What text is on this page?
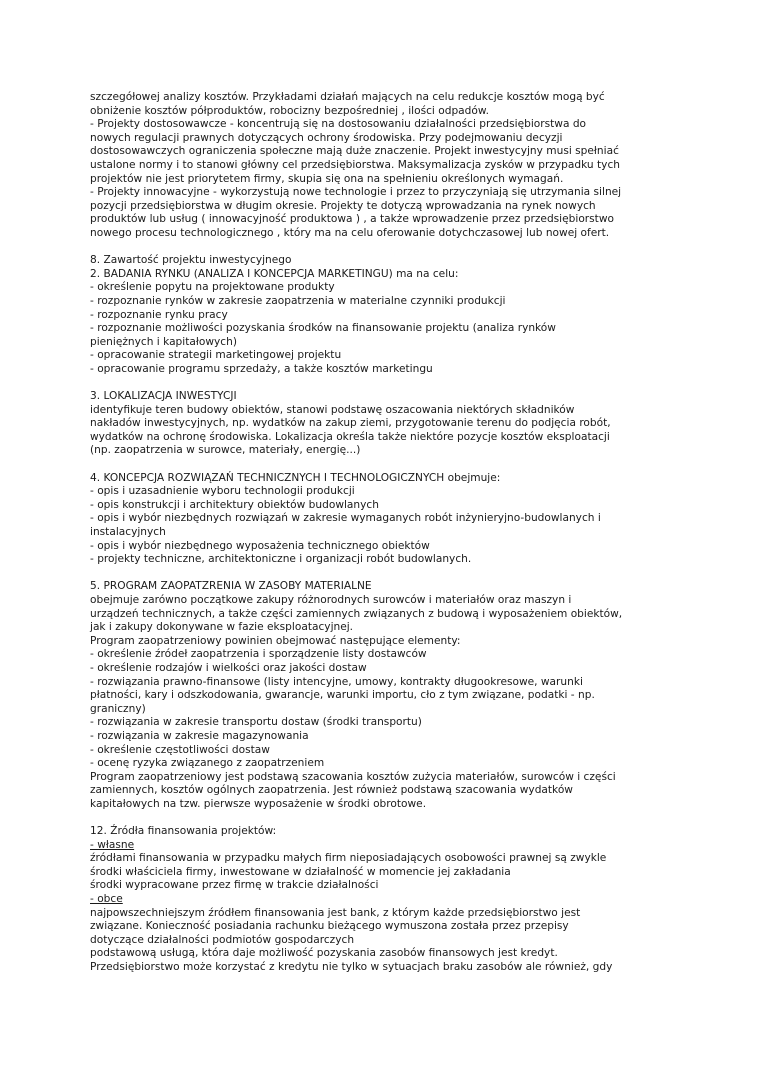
szczegółowej analizy kosztów. Przykładami działań mających na celu redukcje kosztów mogą być
obniżenie kosztów półproduktów, robocizny bezpośredniej , ilości odpadów.
- Projekty dostosowawcze - koncentrują się na dostosowaniu działalności przedsiębiorstwa do
nowych regulacji prawnych dotyczących ochrony środowiska. Przy podejmowaniu decyzji
dostosowawczych ograniczenia społeczne mają duże znaczenie. Projekt inwestycyjny musi spełniać
ustalone normy i to stanowi główny cel przedsiębiorstwa. Maksymalizacja zysków w przypadku tych
projektów nie jest priorytetem firmy, skupia się ona na spełnieniu określonych wymagań.
- Projekty innowacyjne - wykorzystują nowe technologie i przez to przyczyniają się utrzymania silnej
pozycji przedsiębiorstwa w długim okresie. Projekty te dotyczą wprowadzania na rynek nowych
produktów lub usług ( innowacyjność produktowa ) , a także wprowadzenie przez przedsiębiorstwo
nowego procesu technologicznego , który ma na celu oferowanie dotychczasowej lub nowej ofert.
8. Zawartość projektu inwestycyjnego
2. BADANIA RYNKU (ANALIZA I KONCEPCJA MARKETINGU) ma na celu:
- określenie popytu na projektowane produkty
- rozpoznanie rynków w zakresie zaopatrzenia w materialne czynniki produkcji
- rozpoznanie rynku pracy
- rozpoznanie możliwości pozyskania środków na finansowanie projektu (analiza rynków
pieniężnych i kapitałowych)
- opracowanie strategii marketingowej projektu
- opracowanie programu sprzedaży, a także kosztów marketingu
3. LOKALIZACJA INWESTYCJI
identyfikuje teren budowy obiektów, stanowi podstawę oszacowania niektórych składników
nakładów inwestycyjnych, np. wydatków na zakup ziemi, przygotowanie terenu do podjęcia robót,
wydatków na ochronę środowiska. Lokalizacja określa także niektóre pozycje kosztów eksploatacji
(np. zaopatrzenia w surowce, materiały, energię...)
4. KONCEPCJA ROZWIĄZAŃ TECHNICZNYCH I TECHNOLOGICZNYCH obejmuje:
- opis i uzasadnienie wyboru technologii produkcji
- opis konstrukcji i architektury obiektów budowlanych
- opis i wybór niezbędnych rozwiązań w zakresie wymaganych robót inżynieryjno-budowlanych i
instalacyjnych
- opis i wybór niezbędnego wyposażenia technicznego obiektów
- projekty techniczne, architektoniczne i organizacji robót budowlanych.
5. PROGRAM ZAOPATZRENIA W ZASOBY MATERIALNE
obejmuje zarówno początkowe zakupy różnorodnych surowców i materiałów oraz maszyn i
urządzeń technicznych, a także części zamiennych związanych z budową i wyposażeniem obiektów,
jak i zakupy dokonywane w fazie eksploatacyjnej.
Program zaopatrzeniowy powinien obejmować następujące elementy:
- określenie źródeł zaopatrzenia i sporządzenie listy dostawców
- określenie rodzajów i wielkości oraz jakości dostaw
- rozwiązania prawno-finansowe (listy intencyjne, umowy, kontrakty długookresowe, warunki
płatności, kary i odszkodowania, gwarancje, warunki importu, cło z tym związane, podatki - np.
graniczny)
- rozwiązania w zakresie transportu dostaw (środki transportu)
- rozwiązania w zakresie magazynowania
- określenie częstotliwości dostaw
- ocenę ryzyka związanego z zaopatrzeniem
Program zaopatrzeniowy jest podstawą szacowania kosztów zużycia materiałów, surowców i części
zamiennych, kosztów ogólnych zaopatrzenia. Jest również podstawą szacowania wydatków
kapitałowych na tzw. pierwsze wyposażenie w środki obrotowe.
12. Źródła finansowania projektów:
- własne
źródłami finansowania w przypadku małych firm nieposiadających osobowości prawnej są zwykle
środki właściciela firmy, inwestowane w działalność w momencie jej zakładania
środki wypracowane przez firmę w trakcie działalności
- obce
najpowszechniejszym źródłem finansowania jest bank, z którym każde przedsiębiorstwo jest
związane. Konieczność posiadania rachunku bieżącego wymuszona została przez przepisy
dotyczące działalności podmiotów gospodarczych
podstawową usługą, która daje możliwość pozyskania zasobów finansowych jest kredyt.
Przedsiębiorstwo może korzystać z kredytu nie tylko w sytuacjach braku zasobów ale również, gdy
